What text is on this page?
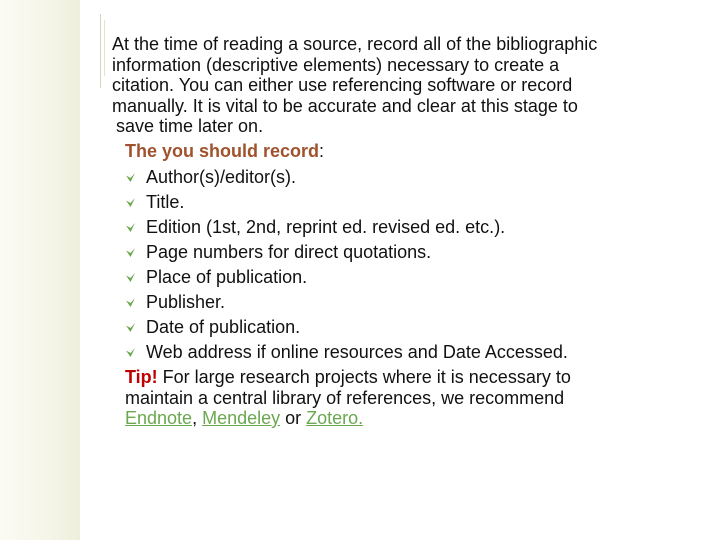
At the time of reading a source, record all of the bibliographic
information (descriptive elements) necessary to create a
citation. You can either use referencing software or record
manually. It is vital to be accurate and clear at this stage to
save time later on.

The you should record:

Author(s)/editor(s).
Title.
Edition (1st, 2nd, reprint ed. revised ed. etc.).
Page numbers for direct quotations.
Place of publication.
Publisher.
Date of publication.
Web address if online resources and Date Accessed.

Tip! For large research projects where it is necessary to
maintain a central library of references, we recommend
Endnote, Mendeley or Zotero.
